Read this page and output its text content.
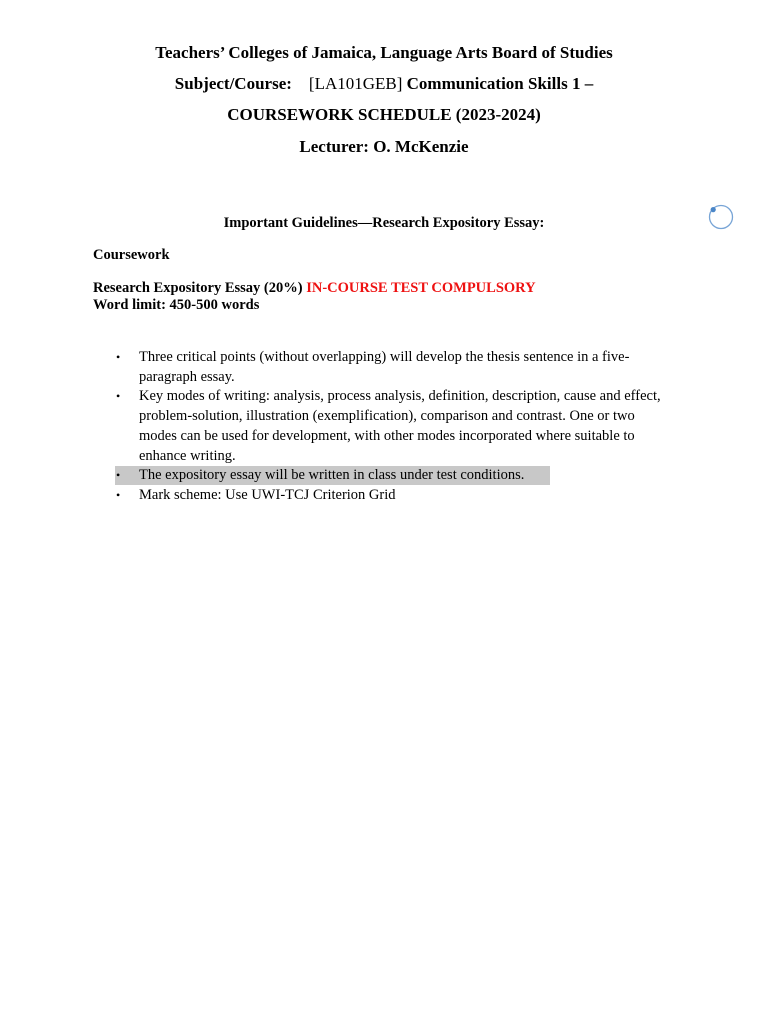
Teachers’ Colleges of Jamaica, Language Arts Board of Studies
Subject/Course: [LA101GEB] Communication Skills 1 –
COURSEWORK SCHEDULE (2023-2024)
Lecturer: O. McKenzie
Important Guidelines—Research Expository Essay:
Coursework
Research Expository Essay (20%) IN-COURSE TEST COMPULSORY
Word limit: 450-500 words
• Three critical points (without overlapping) will develop the thesis sentence in a five-paragraph essay.
• Key modes of writing: analysis, process analysis, definition, description, cause and effect, problem-solution, illustration (exemplification), comparison and contrast. One or two modes can be used for development, with other modes incorporated where suitable to enhance writing.
• The expository essay will be written in class under test conditions.
• Mark scheme: Use UWI-TCJ Criterion Grid
